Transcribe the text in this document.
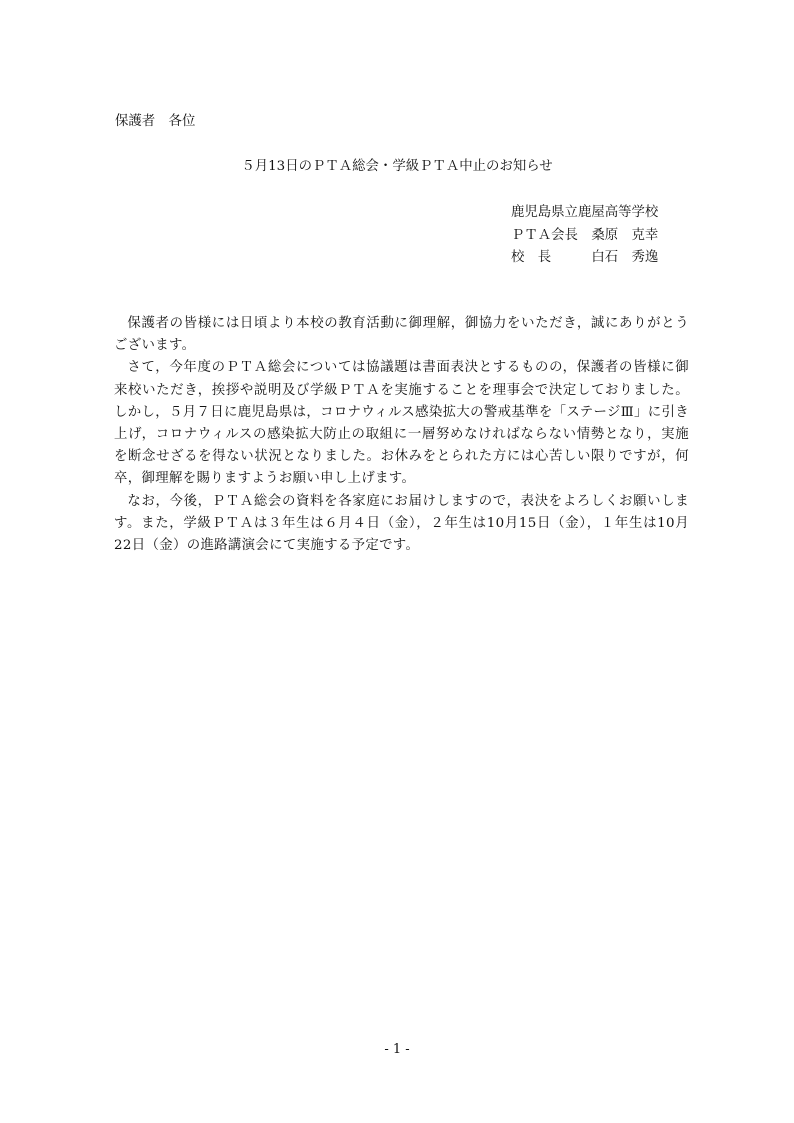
保護者　各位
５月13日のＰＴＡ総会・学級ＰＴＡ中止のお知らせ
鹿児島県立鹿屋高等学校
ＰＴＡ会長　桑原　克幸
校　長　　　白石　秀逸

保護者の皆様には日頃より本校の教育活動に御理解，御協力をいただき，誠にありがとうございます。

さて，今年度のＰＴＡ総会については協議題は書面表決とするものの，保護者の皆様に御来校いただき，挨拶や説明及び学級ＰＴＡを実施することを理事会で決定しておりました。しかし，５月７日に鹿児島県は，コロナウィルス感染拡大の警戒基準を「ステージⅢ」に引き上げ，コロナウィルスの感染拡大防止の取組に一層努めなければならない情勢となり，実施を断念せざるを得ない状況となりました。お休みをとられた方には心苦しい限りですが，何卒，御理解を賜りますようお願い申し上げます。

なお，今後，ＰＴＡ総会の資料を各家庭にお届けしますので，表決をよろしくお願いします。また，学級ＰＴＡは３年生は６月４日（金），２年生は10月15日（金），１年生は10月22日（金）の進路講演会にて実施する予定です。

- 1 -
